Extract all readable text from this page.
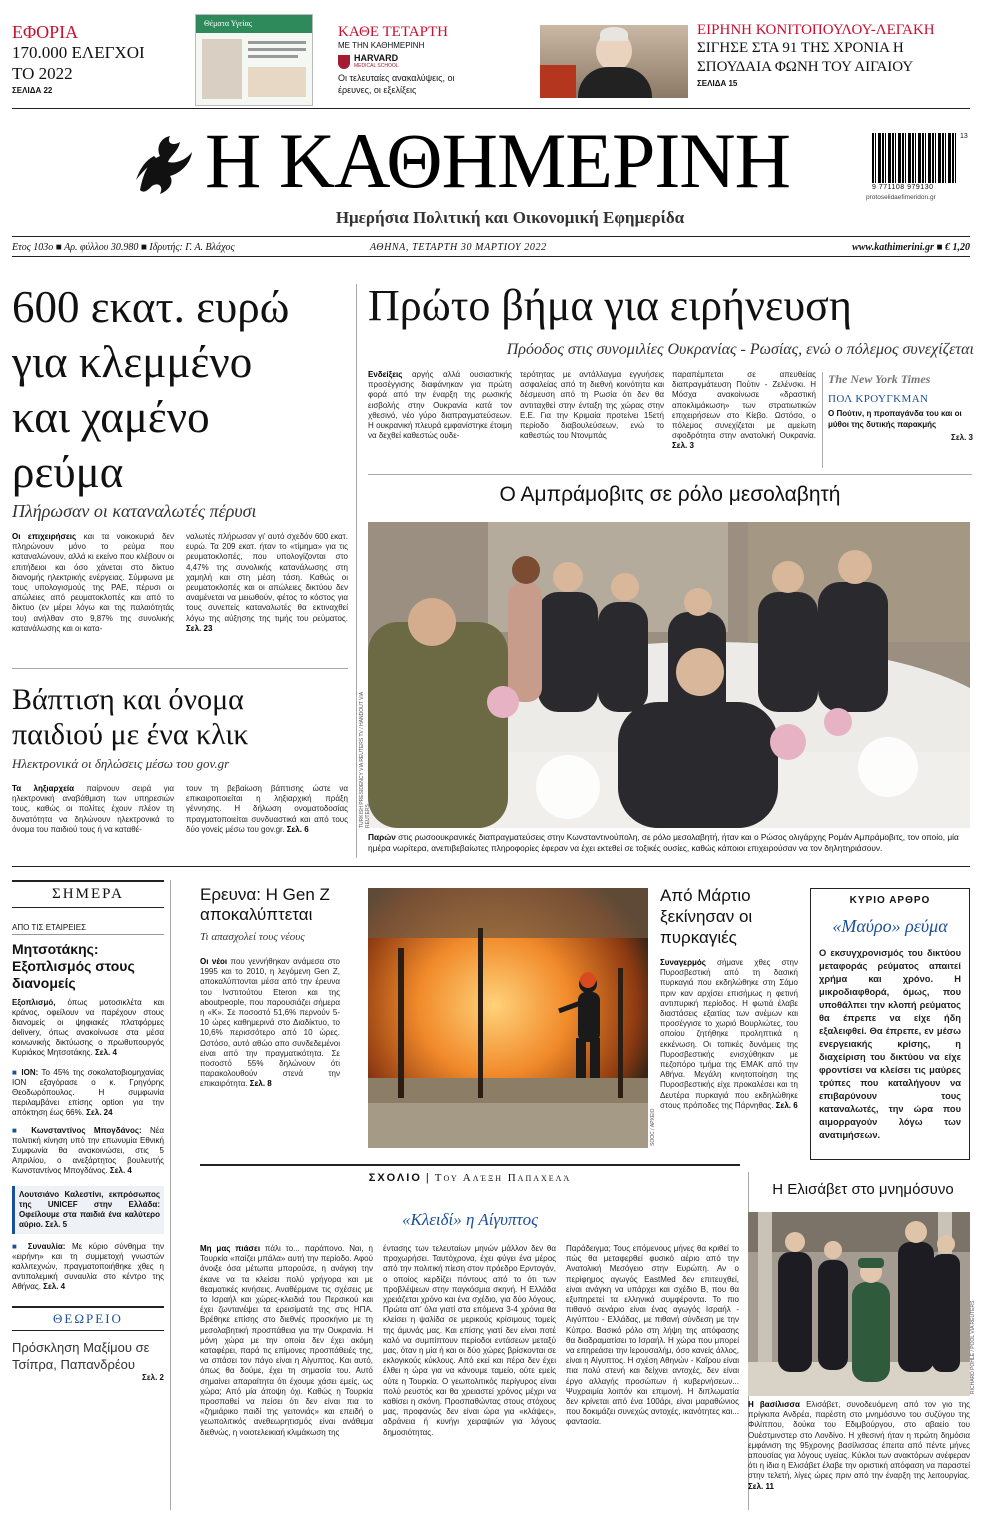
ΕΦΟΡΙΑ
170.000 ΕΛΕΓΧΟΙ ΤΟ 2022
ΣΕΛΙΔΑ 22
Θέματα Υγείας
ΚΑΘΕ ΤΕΤΑΡΤΗ
ΜΕ ΤΗΝ ΚΑΘΗΜΕΡΙΝΗ
HARVARD
MEDICAL SCHOOL
Οι τελευταίες ανακαλύψεις, οι έρευνες, οι εξελίξεις
ΕΙΡΗΝΗ ΚΟΝΙΤΟΠΟΥΛΟΥ-ΛΕΓΑΚΗ
ΣΙΓΗΣΕ ΣΤΑ 91 ΤΗΣ ΧΡΟΝΙΑ Η ΣΠΟΥΔΑΙΑ ΦΩΝΗ ΤΟΥ ΑΙΓΑΙΟΥ
ΣΕΛΙΔΑ 15
Η ΚΑΘΗΜΕΡΙΝΗ
Ημερήσια Πολιτική και Οικονομική Εφημερίδα
13
9 771108 979130
protoselidaefimeridon.gr
Ετος 103ο ■ Αρ. φύλλου 30.980 ■ Ιδρυτής: Γ. Α. Βλάχος	ΑΘΗΝΑ, ΤΕΤΑΡΤΗ 30 ΜΑΡΤΙΟΥ 2022	www.kathimerini.gr ■ € 1,20
600 εκατ. ευρώ για κλεμμένο και χαμένο ρεύμα
Πλήρωσαν οι καταναλωτές πέρυσι
Οι επιχειρήσεις και τα νοικοκυριά δεν πληρώνουν μόνο το ρεύμα που καταναλώνουν, αλλά κι εκείνο που κλέβουν οι επιτήδειοι και όσο χάνεται στο δίκτυο διανομής ηλεκτρικής ενέργειας. Σύμφωνα με τους υπολογισμούς της ΡΑΕ, πέρυσι οι απώλειες από ρευματοκλοπές και από το δίκτυο (εν μέρει λόγω και της παλαιότητάς του) ανήλθαν στο 9,87% της συνολικής κατανάλωσης και οι κατα-
ναλωτές πλήρωσαν γι' αυτό σχεδόν 600 εκατ. ευρώ. Τα 209 εκατ. ήταν το «τίμημα» για τις ρευματοκλοπές, που υπολογίζονται στο 4,47% της συνολικής κατανάλωσης στη χαμηλή και στη μέση τάση. Καθώς οι ρευματοκλοπές και οι απώλειες δικτύου δεν αναμένεται να μειωθούν, φέτος το κόστος για τους συνεπείς καταναλωτές θα εκτιναχθεί λόγω της αύξησης της τιμής του ρεύματος. Σελ. 23
Βάπτιση και όνομα παιδιού με ένα κλικ
Ηλεκτρονικά οι δηλώσεις μέσω του gov.gr
Τα ληξιαρχεία παίρνουν σειρά για ηλεκτρονική αναβάθμιση των υπηρεσιών τους, καθώς οι πολίτες έχουν πλέον τη δυνατότητα να δηλώνουν ηλεκτρονικά το όνομα του παιδιού τους ή να καταθέ-
τουν τη βεβαίωση βάπτισης ώστε να επικαιροποιείται η ληξιαρχική πράξη γέννησης. Η δήλωση ονοματοδοσίας πραγματοποιείται συνδυαστικά και από τους δύο γονείς μέσω του gov.gr. Σελ. 6
Πρώτο βήμα για ειρήνευση
Πρόοδος στις συνομιλίες Ουκρανίας - Ρωσίας, ενώ ο πόλεμος συνεχίζεται
Ενδείξεις αργής αλλά ουσιαστικής προσέγγισης διαφάνηκαν για πρώτη φορά από την έναρξη της ρωσικής εισβολής στην Ουκρανία κατά τον χθεσινό, νέο γύρο διαπραγματεύσεων. Η ουκρανική πλευρά εμφανίστηκε έτοιμη να δεχθεί καθεστώς ουδε-
τερότητας με αντάλλαγμα εγγυήσεις ασφαλείας από τη διεθνή κοινότητα και δέσμευση από τη Ρωσία ότι δεν θα αντιταχθεί στην ένταξη της χώρας στην Ε.Ε. Για την Κριμαία προτείνει 15ετή περίοδο διαβουλεύσεων, ενώ το καθεστώς του Ντονμπάς
παραπέμπεται σε απευθείας διαπραγμάτευση Πούτιν - Ζελένσκι. Η Μόσχα ανακοίνωσε «δραστική αποκλιμάκωση» των στρατιωτικών επιχειρήσεων στο Κίεβο. Ωστόσο, ο πόλεμος συνεχίζεται με αμείωτη σφοδρότητα στην ανατολική Ουκρανία. Σελ. 3
The New York Times
ΠΟΛ ΚΡΟΥΓΚΜΑΝ
Ο Πούτιν, η προπαγάνδα του και οι μύθοι της δυτικής παρακμής
Σελ. 3
Ο Αμπράμοβιτς σε ρόλο μεσολαβητή
TURKISH PRESIDENCY VIA REUTERS TV / HANDOUT VIA REUTERS
Παρών στις ρωσοουκρανικές διαπραγματεύσεις στην Κωνσταντινούπολη, σε ρόλο μεσολαβητή, ήταν και ο Ρώσος ολιγάρχης Ρομάν Αμπράμοβιτς, τον οποίο, μία ημέρα νωρίτερα, ανεπιβεβαίωτες πληροφορίες έφεραν να έχει εκτεθεί σε τοξικές ουσίες, καθώς κάποιοι επιχειρούσαν να τον δηλητηριάσουν.
ΣΗΜΕΡΑ
ΑΠΟ ΤΙΣ ΕΤΑΙΡΕΙΕΣ
Μητσοτάκης: Εξοπλισμός στους διανομείς
Εξοπλισμό, όπως μοτοσικλέτα και κράνος, οφείλουν να παρέχουν στους διανομείς οι ψηφιακές πλατφόρμες delivery, όπως ανακοίνωσε στα μέσα κοινωνικής δικτύωσης ο πρωθυπουργός Κυριάκος Μητσοτάκης. Σελ. 4
■ ΙΟΝ: Το 45% της σοκολατοβιομηχανίας ΙΟΝ εξαγόρασε ο κ. Γρηγόρης Θεοδωρόπουλος. Η συμφωνία περιλαμβάνει επίσης option για την απόκτηση έως 66%. Σελ. 24
■ Κωνσταντίνος Μπογδάνος: Νέα πολιτική κίνηση υπό την επωνυμία Εθνική Συμφωνία θα ανακοινώσει, στις 5 Απριλίου, ο ανεξάρτητος βουλευτής Κωνσταντίνος Μπογδάνος. Σελ. 4
Λουτσιάνο Καλεστίνι, εκπρόσωπος της UNICEF στην Ελλάδα: Οφείλουμε στα παιδιά ένα καλύτερο αύριο. Σελ. 5
■ Συναυλία: Με κύριο σύνθημα την «ειρήνη» και τη συμμετοχή γνωστών καλλιτεχνών, πραγματοποιήθηκε χθες η αντιπολεμική συναυλία στο κέντρο της Αθήνας. Σελ. 4
ΘΕΩΡΕΙΟ
Πρόσκληση Μαξίμου σε Τσίπρα, Παπανδρέου
Σελ. 2
Ερευνα: Η Gen Z αποκαλύπτεται
Τι απασχολεί τους νέους
Οι νέοι που γεννήθηκαν ανάμεσα στο 1995 και το 2010, η λεγόμενη Gen Z, αποκαλύπτονται μέσα από την έρευνα του Ινστιτούτου Eteron και της aboutpeople, που παρουσιάζει σήμερα η «Κ». Σε ποσοστό 51,6% περνούν 5-10 ώρες καθημερινά στο Διαδίκτυο, το 10,6% περισσότερο από 10 ώρες. Ωστόσο, αυτό αθώο απο συνδεδεμένοι είναι από την πραγματικότητα. Σε ποσοστό 55% δηλώνουν ότι παρακολουθούν στενά την επικαιρότητα. Σελ. 8
SOOC / ΑΡΧΕΙΟ
Από Μάρτιο ξεκίνησαν οι πυρκαγιές
Συναγερμός σήμανε χθες στην Πυροσβεστική από τη δασική πυρκαγιά που εκδηλώθηκε στη Σάμο πριν καν αρχίσει επισήμως η φετινή αντιπυρική περίοδος. Η φωτιά έλαβε διαστάσεις εξαιτίας των ανέμων και προσέγγισε το χωριό Βουρλιώτες, του οποίου ζητήθηκε προληπτικά η εκκένωση. Οι τοπικές δυνάμεις της Πυροσβεστικής ενισχύθηκαν με πεζοπόρο τμήμα της ΕΜΑΚ από την Αθήνα. Μεγάλη κινητοποίηση της Πυροσβεστικής είχε προκαλέσει και τη Δευτέρα πυρκαγιά που εκδηλώθηκε στους πρόποδες της Πάρνηθας. Σελ. 6
ΚΥΡΙΟ ΑΡΘΡΟ
«Μαύρο» ρεύμα
Ο εκσυγχρονισμός του δικτύου μεταφοράς ρεύματος απαιτεί χρήμα και χρόνο. Η μικροδιαφθορά, όμως, που υποθάλπει την κλοπή ρεύματος θα έπρεπε να είχε ήδη εξαλειφθεί. Θα έπρεπε, εν μέσω ενεργειακής κρίσης, η διαχείριση του δικτύου να είχε φροντίσει να κλείσει τις μαύρες τρύπες που καταλήγουν να επιβαρύνουν τους καταναλωτές, την ώρα που αιμορραγούν λόγω των ανατιμήσεων.
ΣΧΟΛΙΟ | Του Αλέξη Παπαχελά
«Κλειδί» η Αίγυπτος
Μη μας πιάσει πάλι το... παράπονο. Ναι, η Τουρκία «παίζει μπάλα» αυτή την περίοδο. Αφού άνοιξε όσα μέτωπα μπορούσε, η ανάγκη την έκανε να τα κλείσει πολύ γρήγορα και με θεαματικές κινήσεις. Αναθέρμανε τις σχέσεις με το Ισραήλ και χώρες-κλειδιά του Περσικού και έχει ζωντανέψει τα ερεισίματά της στις ΗΠΑ. Βρέθηκε επίσης στο διεθνές προσκήνιο με τη μεσολαβητική προσπάθεια για την Ουκρανία. Η μόνη χώρα με την οποία δεν έχει ακόμη καταφέρει, παρά τις επίμονες προσπάθειές της, να σπάσει τον πάγο είναι η Αίγυπτος. Και αυτό, όπως θα δούμε, έχει τη σημασία του. Αυτό σημαίνει απαραίτητα ότι έχουμε χάσει εμείς, ως χώρα; Από μία άποψη όχι. Καθώς η Τουρκία προσπαθεί να πείσει ότι δεν είναι πια το «ζημιάρικο παιδί της γειτονιάς» και επειδή ο γεωπολιτικός ανεθεωρητισμός είναι ανάθεμα διεθνώς, η νοιοτελεικιαή κλιμάκωση της
έντασης των τελευταίων μηνών μάλλον δεν θα προχωρήσει. Ταυτόχρονα, έχει φύγει ένα μέρος από την πολιτική πίεση στον πρόεδρο Ερντογάν, ο οποίος κερδίζει πόντους από το ότι των προβλέψεων στην παγκόσμια σκηνή. Η Ελλάδα χρειάζεται χρόνο και ένα σχέδιο, για δύο λόγους. Πρώτα απ' όλα γιατί στα επόμενα 3-4 χρόνια θα κλείσει η ψαλίδα σε μερικούς κρίσιμους τομείς της άμυνάς μας. Και επίσης γιατί δεν είναι ποτέ καλό να συμπίπτουν περίοδοι εντάσεων μεταξύ μας, όταν η μία ή και οι δύο χώρες βρίσκονται σε εκλογικούς κύκλους. Από εκεί και πέρα δεν έχει έλθει η ώρα για να κάνουμε ταμείο, ούτε εμείς ούτε η Τουρκία. Ο γεωπολιτικός περίγυρος είναι πολύ ρευστός και θα χρειαστεί χρόνος μέχρι να καθίσει η σκόνη. Προσπαθώντας στους στόχους μας, προφανώς δεν είναι ώρα για «κλάψες», αδράνεια ή κυνήγι χειραψιών για λόγους δημοσιότητας.
Παράδειγμα; Τους επόμενους μήνες θα κριθεί το πώς θα μεταφερθεί φυσικό αέριο από την Ανατολική Μεσόγειο στην Ευρώπη. Αν ο περίφημος αγωγός EastMed δεν επιτευχθεί, είναι ανάγκη να υπάρχει και σχέδιο Β, που θα εξυπηρετεί τα ελληνικά συμφέροντα. Το πιο πιθανό σενάριο είναι ένας αγωγός Ισραήλ - Αιγύπτου - Ελλάδας, με πιθανή σύνδεση με την Κύπρο. Βασικό ρόλο στη λήψη της απόφασης θα διαδραματίσει το Ισραήλ. Η χώρα που μπορεί να επηρεάσει την Ιερουσαλήμ, όσο κανείς άλλος, είναι η Αίγυπτος. Η σχέση Αθηνών - Καΐρου είναι πια πολύ στενή και δείχνει αντοχές, δεν είναι έργο αλλαγής προσώπων ή κυβερνήσεων... Ψυχραιμία λοιπόν και επιμονή. Η διπλωματία δεν κρίνεται από ένα 100άρι, είναι μαραθώνιος που δοκιμάζει συνεχώς αντοχές, ικανότητες και... φαντασία.
Η Ελισάβετ στο μνημόσυνο
RICHARD POHLE / POOL VIA REUTERS
Η βασίλισσα Ελισάβετ, συνοδευόμενη από τον γιο της πρίγκιπα Ανδρέα, παρέστη στο μνημόσυνο του συζύγου της Φιλίππου, δούκα του Εδιμβούργου, στο αβαείο του Ουέστμινστερ στο Λονδίνο. Η χθεσινή ήταν η πρώτη δημόσια εμφάνιση της 95χρονης βασίλισσας έπειτα από πέντε μήνες απουσίας για λόγους υγείας. Κύκλοι των ανακτόρων ανέφεραν ότι η ίδια η Ελισάβετ έλαβε την οριστική απόφαση να παραστεί στην τελετή, λίγες ώρες πριν από την έναρξη της λειτουργίας. Σελ. 11
